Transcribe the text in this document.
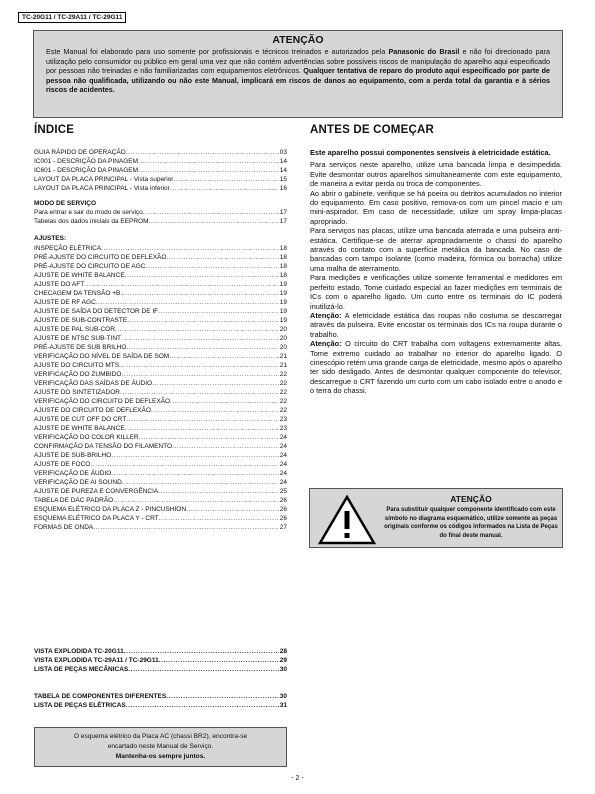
TC-20G11 / TC-29A11 / TC-29G11
ATENÇÃO
Este Manual foi elaborado para uso somente por profissionais e técnicos treinados e autorizados pela Panasonic do Brasil e não foi direcionado para utilização pelo consumidor ou público em geral uma vez que não contém advertências sobre possíveis riscos de manipulação do aparelho aqui especificado por pessoas não treinadas e não familiarizadas com equipamentos eletrônicos. Qualquer tentativa de reparo do produto aqui especificado por parte de pessoa não qualificada, utilizando ou não este Manual, implicará em riscos de danos ao equipamento, com a perda total da garantia e à sérios riscos de acidentes.
ÍNDICE	ANTES DE COMEÇAR
GUIA RÁPIDO DE OPERAÇÃO . . .	03
IC001 - DESCRIÇÃO DA PINAGEM . . .	14
IC601 - DESCRIÇÃO DA PINAGEM . . .	14
LAYOUT DA PLACA PRINCIPAL - Vista superior . . .	15
LAYOUT DA PLACA PRINCIPAL - Vista inferior . . .	16
MODO DE SERVIÇO
Para entrar e sair do modo de serviço . . .	17
Tabelas dos dados iniciais da EEPROM . . .	17
AJUSTES:
INSPEÇÃO ELÉTRICA . . .	18
PRÉ-AJUSTE DO CIRCUITO DE DEFLEXÃO . . .	18
PRÉ-AJUSTE DO CIRCUITO DE AGC . . .	18
AJUSTE DE WHITE BALANCE . . .	18
AJUSTE DO AFT . . .	19
CHECAGEM DA TENSÃO +B . . .	19
AJUSTE DE RF AGC . . .	19
AJUSTE DE SAÍDA DO DETECTOR DE IF . . .	19
AJUSTE DE SUB-CONTRASTE . . .	19
AJUSTE DE PAL SUB-COR . . .	20
AJUSTE DE NTSC SUB-TINT . . .	20
PRÉ-AJUSTE DE SUB BRILHO . . .	20
VERIFICAÇÃO DO NÍVEL DE SAÍDA DE SOM . . .	21
AJUSTE DO CIRCUITO MTS . . .	21
VERIFICAÇÃO DO ZUMBIDO . . .	22
VERIFICAÇÃO DAS SAÍDAS DE ÁUDIO . . .	22
AJUSTE DO SINTETIZADOR . . .	22
VERIFICAÇÃO DO CIRCUITO DE DEFLEXÃO . . .	22
AJUSTE DO CIRCUITO DE DEFLEXÃO . . .	22
AJUSTE DE CUT OFF DO CRT . . .	23
AJUSTE DE WHITE BALANCE . . .	23
VERIFICAÇÃO DO COLOR KILLER . . .	24
CONFIRMAÇÃO DA TENSÃO DO FILAMENTO . . .	24
AJUSTE DE SUB-BRILHO . . .	24
AJUSTE DE FOCO . . .	24
VERIFICAÇÃO DE ÁUDIO . . .	24
VERIFICAÇÃO DE AI SOUND . . .	24
AJUSTE DE PUREZA E CONVERGÊNCIA . . .	25
TABELA DE DAC PADRÃO . . .	26
ESQUEMA ELÉTRICO DA PLACA Z - PINCUSHION . . .	26
ESQUEMA ELÉTRICO DA PLACA Y - CRT . . .	26
FORMAS DE ONDA . . .	27
VISTA EXPLODIDA TC-20G11 . . .	28
VISTA EXPLODIDA TC-29A11 / TC-29G11 . . .	29
LISTA DE PEÇAS MECÂNICAS . . .	30
TABELA DE COMPONENTES DIFERENTES . . .	30
LISTA DE PEÇAS ELÉTRICAS . . .	31

O esquema elétrico da Placa AC (chassi BR2), encontra-se

encartado neste Manual de Serviço.

Mantenha-os sempre juntos.

Este aparelho possui componentes sensíveis à eletricidade estática.

Para serviços neste aparelho, utilize uma bancada limpa e desimpedida. Evite desmontar outros aparelhos simultaneamente com este equipamento, de maneira a evitar perda ou troca de componentes.

Ao abrir o gabinete, verifique se há poeira ou detritos acumulados no interior do equipamento. Em caso positivo, remova-os com um pincel macio e um mini-aspirador. Em caso de necessidade, utilize um spray limpa-placas apropriado.

Para serviços nas placas, utilize uma bancada aterrada e uma pulseira anti-estática. Certifique-se de aterrar apropriadamente o chassi do aparelho através do contato com a superfície metálica da bancada. No caso de bancadas com tampo isolante (como madeira, fórmica ou borracha) utilize uma malha de aterramento.

Para medições e verificações utilize somente ferramental e medidores em perfeito estado. Tome cuidado especial ao fazer medições em terminais de ICs com o aparelho ligado. Um curto entre os terminais do IC poderá inutilizá-lo.

Atenção: A eletricidade estática das roupas não costuma se descarregar através da pulseira. Evite encostar os terminais dos ICs na roupa durante o trabalho.

Atenção: O circuito do CRT trabalha com voltagens extremamente altas. Tome extremo cuidado ao trabalhar no interior do aparelho ligado. O cinescópio retém uma grande carga de eletricidade, mesmo após o aparelho ter sido desligado. Antes de desmontar qualquer componente do televisor, descarregue o CRT fazendo um curto com um cabo isolado entre o anodo e o terra do chassi.

ATENÇÃO
Para substituir qualquer componente identificado com este símbolo no diagrama esquemático, utilize somente as peças originais conforme os códigos informados na Lista de Peças do final deste manual.
- 2 -
